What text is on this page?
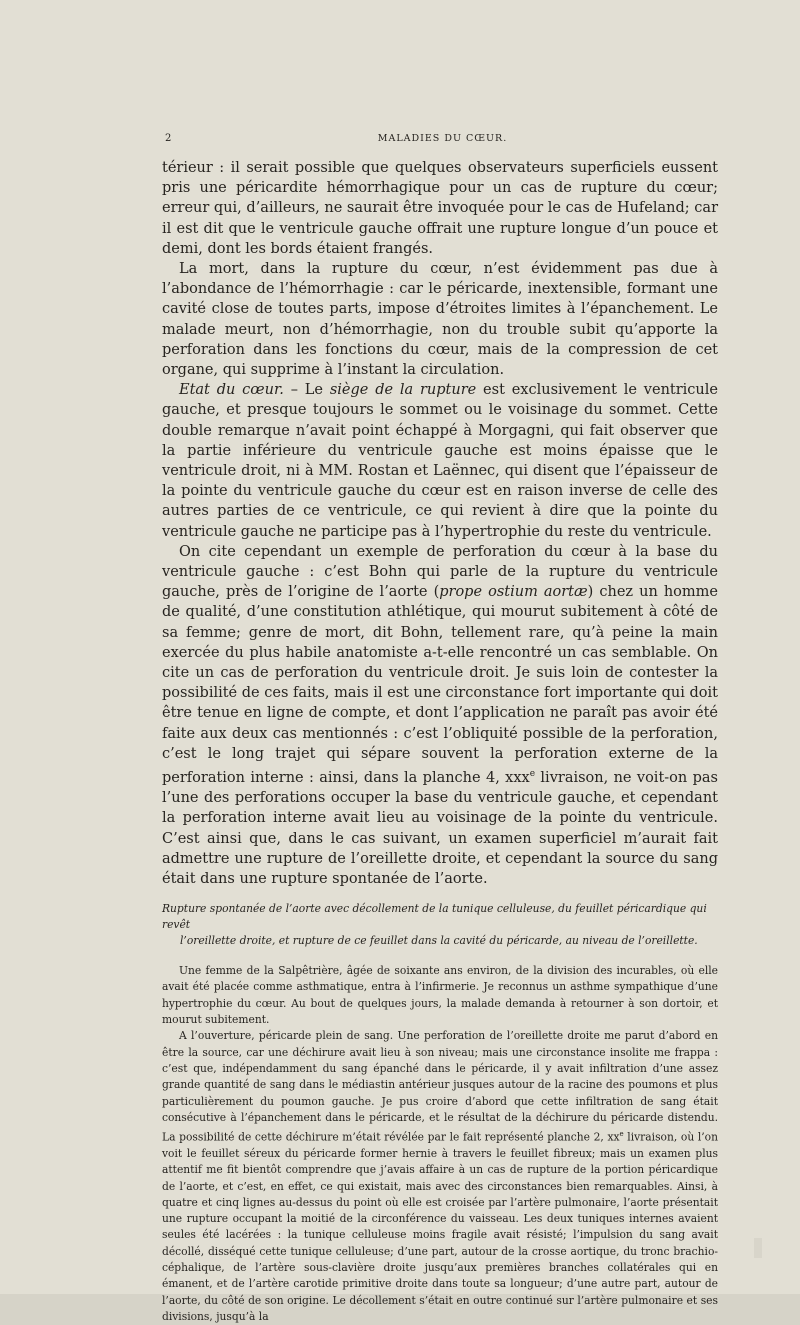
2	MALADIES DU CŒUR.

térieur : il serait possible que quelques observateurs superficiels eussent pris une péricardite hémorrhagique pour un cas de rupture du cœur; erreur qui, d’ailleurs, ne saurait être invoquée pour le cas de Hufeland; car il est dit que le ventricule gauche offrait une rupture longue d’un pouce et demi, dont les bords étaient frangés.

La mort, dans la rupture du cœur, n’est évidemment pas due à l’abondance de l’hémorrhagie : car le péricarde, inextensible, formant une cavité close de toutes parts, impose d’étroites limites à l’épanchement. Le malade meurt, non d’hémorrhagie, non du trouble subit qu’apporte la perforation dans les fonctions du cœur, mais de la compression de cet organe, qui supprime à l’instant la circulation.

Etat du cœur. – Le siège de la rupture est exclusivement le ventricule gauche, et presque toujours le sommet ou le voisinage du sommet. Cette double remarque n’avait point échappé à Morgagni, qui fait observer que la partie inférieure du ventricule gauche est moins épaisse que le ventricule droit, ni à MM. Rostan et Laënnec, qui disent que l’épaisseur de la pointe du ventricule gauche du cœur est en raison inverse de celle des autres parties de ce ventricule, ce qui revient à dire que la pointe du ventricule gauche ne participe pas à l’hypertrophie du reste du ventricule.

On cite cependant un exemple de perforation du cœur à la base du ventricule gauche : c’est Bohn qui parle de la rupture du ventricule gauche, près de l’origine de l’aorte (prope ostium aortæ) chez un homme de qualité, d’une constitution athlétique, qui mourut subitement à côté de sa femme; genre de mort, dit Bohn, tellement rare, qu’à peine la main exercée du plus habile anatomiste a-t-elle rencontré un cas semblable. On cite un cas de perforation du ventricule droit. Je suis loin de contester la possibilité de ces faits, mais il est une circonstance fort importante qui doit être tenue en ligne de compte, et dont l’application ne paraît pas avoir été faite aux deux cas mentionnés : c’est l’obliquité possible de la perforation, c’est le long trajet qui sépare souvent la perforation externe de la perforation interne : ainsi, dans la planche 4, xxx$^e$ livraison, ne voit-on pas l’une des perforations occuper la base du ventricule gauche, et cependant la perforation interne avait lieu au voisinage de la pointe du ventricule. C’est ainsi que, dans le cas suivant, un examen superficiel m’aurait fait admettre une rupture de l’oreillette droite, et cependant la source du sang était dans une rupture spontanée de l’aorte.

Rupture spontanée de l’aorte avec décollement de la tunique celluleuse, du feuillet péricardique qui revêt
l’oreillette droite, et rupture de ce feuillet dans la cavité du péricarde, au niveau de l’oreillette.

Une femme de la Salpêtrière, âgée de soixante ans environ, de la division des incurables, où elle avait été placée comme asthmatique, entra à l’infirmerie. Je reconnus un asthme sympathique d’une hypertrophie du cœur. Au bout de quelques jours, la malade demanda à retourner à son dortoir, et mourut subitement.

A l’ouverture, péricarde plein de sang. Une perforation de l’oreillette droite me parut d’abord en être la source, car une déchirure avait lieu à son niveau; mais une circonstance insolite me frappa : c’est que, indépendamment du sang épanché dans le péricarde, il y avait infiltration d’une assez grande quantité de sang dans le médiastin antérieur jusques autour de la racine des poumons et plus particulièrement du poumon gauche. Je pus croire d’abord que cette infiltration de sang était consécutive à l’épanchement dans le péricarde, et le résultat de la déchirure du péricarde distendu. La possibilité de cette déchirure m’était révélée par le fait représenté planche 2, $xx^e$ livraison, où l’on voit le feuillet séreux du péricarde former hernie à travers le feuillet fibreux; mais un examen plus attentif me fit bientôt comprendre que j’avais affaire à un cas de rupture de la portion péricardique de l’aorte, et c’est, en effet, ce qui existait, mais avec des circonstances bien remarquables. Ainsi, à quatre et cinq lignes au-dessus du point où elle est croisée par l’artère pulmonaire, l’aorte présentait une rupture occupant la moitié de la circonférence du vaisseau. Les deux tuniques internes avaient seules été lacérées : la tunique celluleuse moins fragile avait résisté; l’impulsion du sang avait décollé, disséqué cette tunique celluleuse; d’une part, autour de la crosse aortique, du tronc brachio-céphalique, de l’artère sous-clavière droite jusqu’aux premières branches collatérales qui en émanent, et de l’artère carotide primitive droite dans toute sa longueur; d’une autre part, autour de l’aorte, du côté de son origine. Le décollement s’était en outre continué sur l’artère pulmonaire et ses divisions, jusqu’à la
